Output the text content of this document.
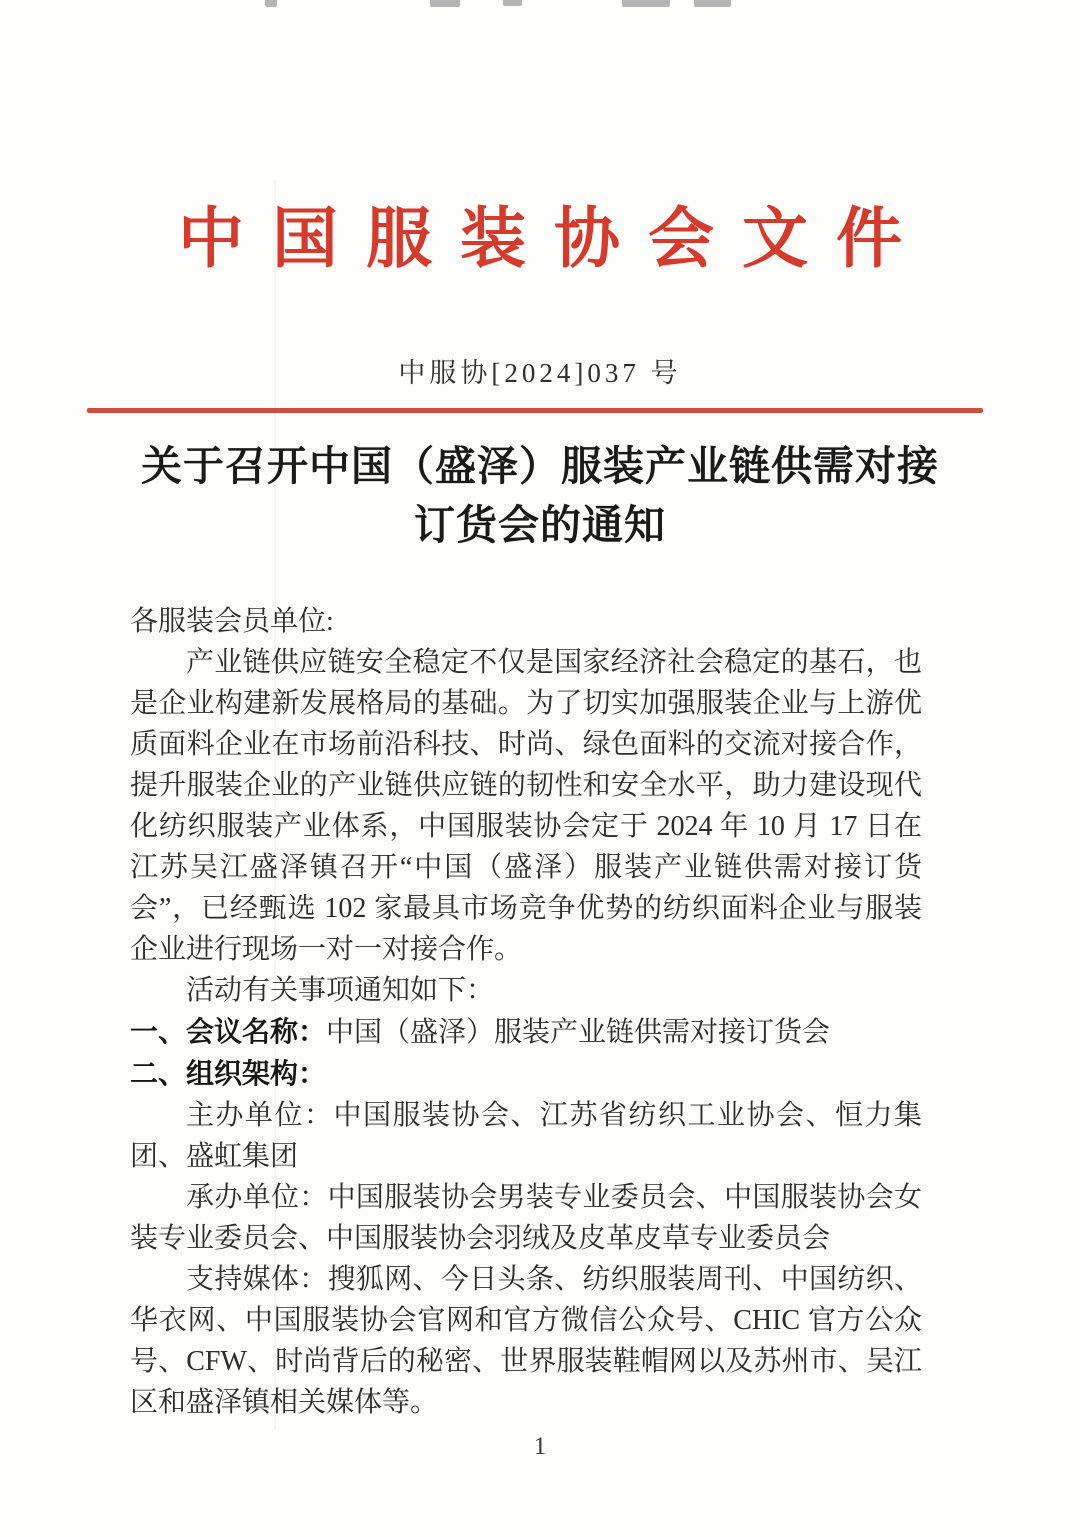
中国服装协会文件
中服协[2024]037 号
关于召开中国（盛泽）服装产业链供需对接
订货会的通知

各服装会员单位:

产业链供应链安全稳定不仅是国家经济社会稳定的基石，也是企业构建新发展格局的基础。为了切实加强服装企业与上游优质面料企业在市场前沿科技、时尚、绿色面料的交流对接合作，提升服装企业的产业链供应链的韧性和安全水平，助力建设现代化纺织服装产业体系，中国服装协会定于 2024 年 10 月 17 日在江苏吴江盛泽镇召开“中国（盛泽）服装产业链供需对接订货会”，已经甄选 102 家最具市场竞争优势的纺织面料企业与服装企业进行现场一对一对接合作。

活动有关事项通知如下：

一、会议名称：中国（盛泽）服装产业链供需对接订货会

二、组织架构：

主办单位：中国服装协会、江苏省纺织工业协会、恒力集团、盛虹集团

承办单位：中国服装协会男装专业委员会、中国服装协会女装专业委员会、中国服装协会羽绒及皮革皮草专业委员会

支持媒体：搜狐网、今日头条、纺织服装周刊、中国纺织、华衣网、中国服装协会官网和官方微信公众号、CHIC 官方公众号、CFW、时尚背后的秘密、世界服装鞋帽网以及苏州市、吴江区和盛泽镇相关媒体等。

1
